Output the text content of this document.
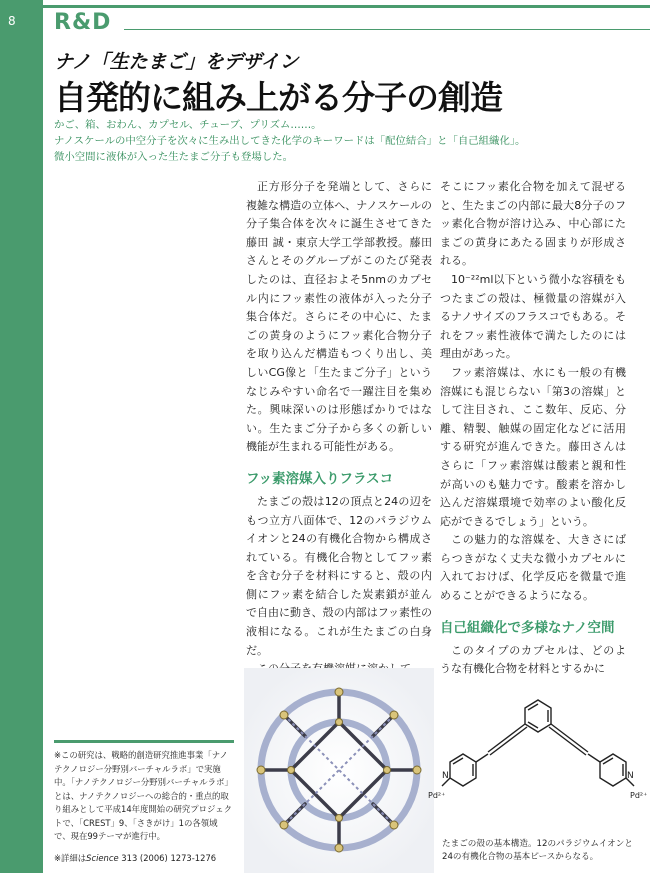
8 R&D
ナノ「生たまご」をデザイン
自発的に組み上がる分子の創造
かご、箱、おわん、カプセル、チューブ、プリズム……。
ナノスケールの中空分子を次々に生み出してきた化学のキーワードは「配位結合」と「自己組織化」。
微小空間に液体が入った生たまご分子も登場した。

正方形分子を発端として、さらに複雑な構造の立体へ、ナノスケールの分子集合体を次々に誕生させてきた藤田 誠・東京大学工学部教授。藤田さんとそのグループがこのたび発表したのは、直径およそ5nmのカプセル内にフッ素性の液体が入った分子集合体だ。さらにその中心に、たまごの黄身のようにフッ素化合物分子を取り込んだ構造もつくり出し、美しいCG像と「生たまご分子」というなじみやすい命名で一躍注目を集めた。興味深いのは形態ばかりではない。生たまご分子から多くの新しい機能が生まれる可能性がある。

フッ素溶媒入りフラスコ

たまごの殻は12の頂点と24の辺をもつ立方八面体で、12のパラジウムイオンと24の有機化合物から構成されている。有機化合物としてフッ素を含む分子を材料にすると、殻の内側にフッ素を結合した炭素鎖が並んで自由に動き、殻の内部はフッ素性の液相になる。これが生たまごの白身だ。

そこにフッ素化合物を加えて混ぜると、生たまごの内部に最大8分子のフッ素化合物が溶け込み、中心部にたまごの黄身にあたる固まりが形成される。

10⁻²²ml以下という微小な容積をもつたまごの殻は、極微量の溶媒が入るナノサイズのフラスコでもある。それをフッ素性液体で満たしたのには理由があった。

フッ素溶媒は、水にも一般の有機溶媒にも混じらない「第3の溶媒」として注目され、ここ数年、反応、分離、精製、触媒の固定化などに活用する研究が進んできた。藤田さんはさらに「フッ素溶媒は酸素と親和性が高いのも魅力です。酸素を溶かし込んだ溶媒環境で効率のよい酸化反応ができるでしょう」という。

この魅力的な溶媒を、大きさにばらつきがなく丈夫な微小カプセルに入れておけば、化学反応を微量で進めることができるようになる。

自己組織化で多様なナノ空間

このタイプのカプセルは、どのような有機化合物を材料とするかに

N	N
Pd²⁺	Pd²⁺
たまごの殻の基本構造。12のパラジウムイオンと24の有機化合物の基本ピースからなる。

※この研究は、戦略的創造研究推進事業「ナノテクノロジー分野別バーチャルラボ」で実施中。「ナノテクノロジー分野別バーチャルラボ」とは、ナノテクノロジーへの総合的・重点的取り組みとして平成14年度開始の研究プロジェクトで、「CREST」9、「さきがけ」1の各領域で、現在99テーマが進行中。

※詳細はScience 313 (2006) 1273-1276
